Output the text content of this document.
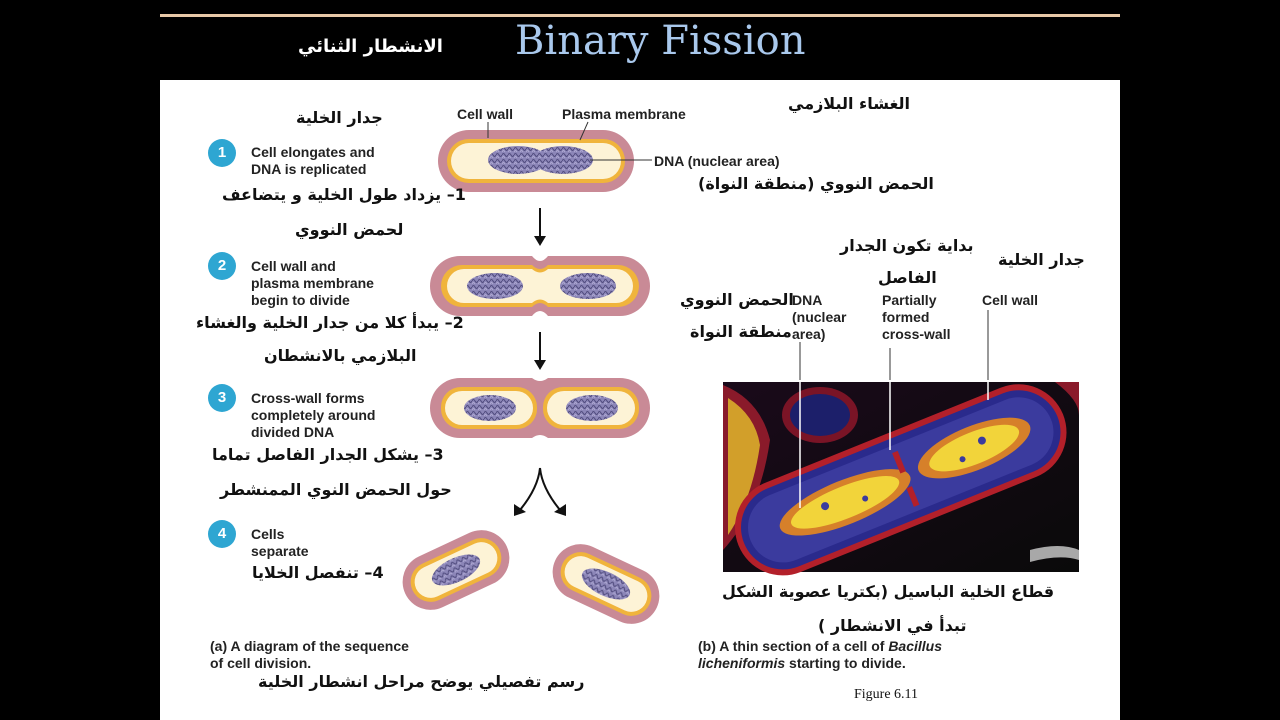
Binary Fission
الانشطار الثنائي
Cell wall	Plasma membrane
DNA (nuclear area)
جدار الخلية
الغشاء البلازمي
الحمض النووي (منطقة النواة)
1	Cell elongates and
DNA is replicated
1– يزداد طول الخلية و يتضاعف
لحمض النووي
2	Cell wall and
plasma membrane
begin to divide
2– يبدأ كلا من جدار الخلية والغشاء
البلازمي بالانشطان
3	Cross-wall forms
completely around
divided DNA
3– يشكل الجدار الفاصل تماما
حول الحمض النوي الممنشطر
4	Cells
separate
4– تنفصل الخلايا
(a) A diagram of the sequence
of cell division.
رسم تفصيلي يوضح مراحل انشطار الخلية
DNA
(nuclear
area)
الحمض النووي
منطقة النواة
Partially
formed
cross-wall
بداية تكون الجدار
الفاصل
Cell wall
جدار الخلية
قطاع الخلية الباسيل (بكتريا عصوية الشكل
تبدأ في الانشطار )
(b) A thin section of a cell of Bacillus
licheniformis starting to divide.
Figure 6.11
